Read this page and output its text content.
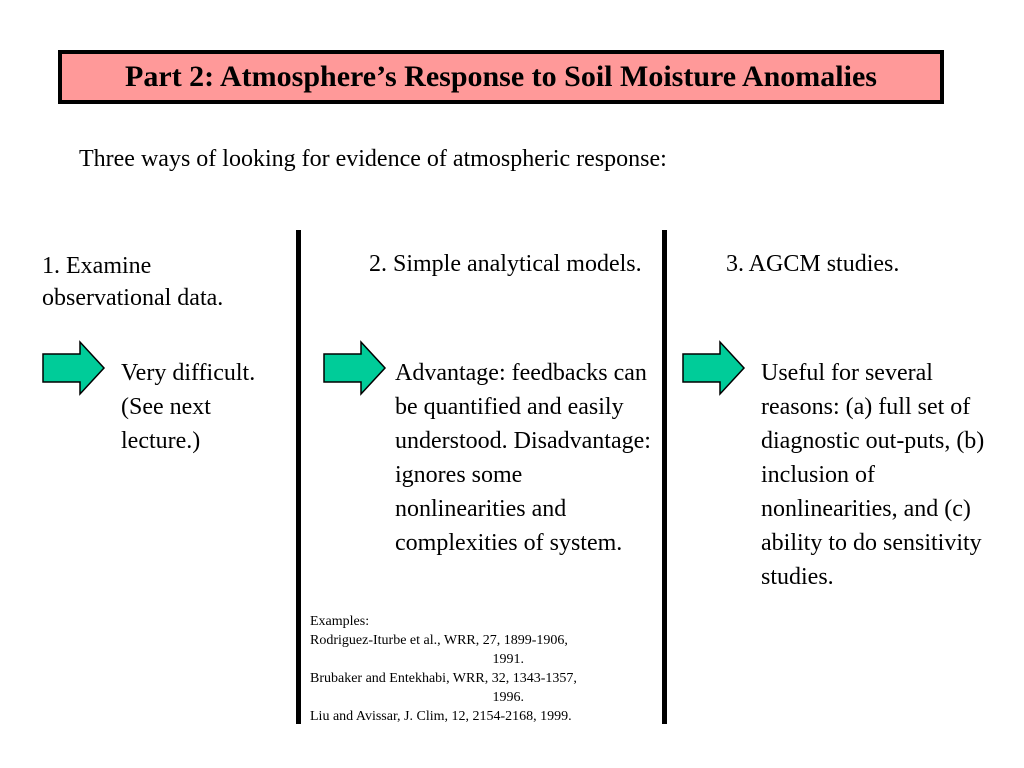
Part 2: Atmosphere’s Response to Soil Moisture Anomalies
Three ways of looking for evidence of atmospheric response:
1. Examine observational data.
Very difficult. (See next lecture.)
2. Simple analytical models.
Advantage: feedbacks can be quantified and easily understood. Disadvantage: ignores some nonlinearities and complexities of system.
Examples:
Rodriguez-Iturbe et al., WRR, 27, 1899-1906,
1991.
Brubaker and Entekhabi, WRR, 32, 1343-1357,
1996.
Liu and Avissar, J. Clim, 12, 2154-2168, 1999.
3. AGCM studies.
Useful for several reasons: (a) full set of diagnostic out-puts, (b) inclusion of nonlinearities, and (c) ability to do sensitivity studies.
